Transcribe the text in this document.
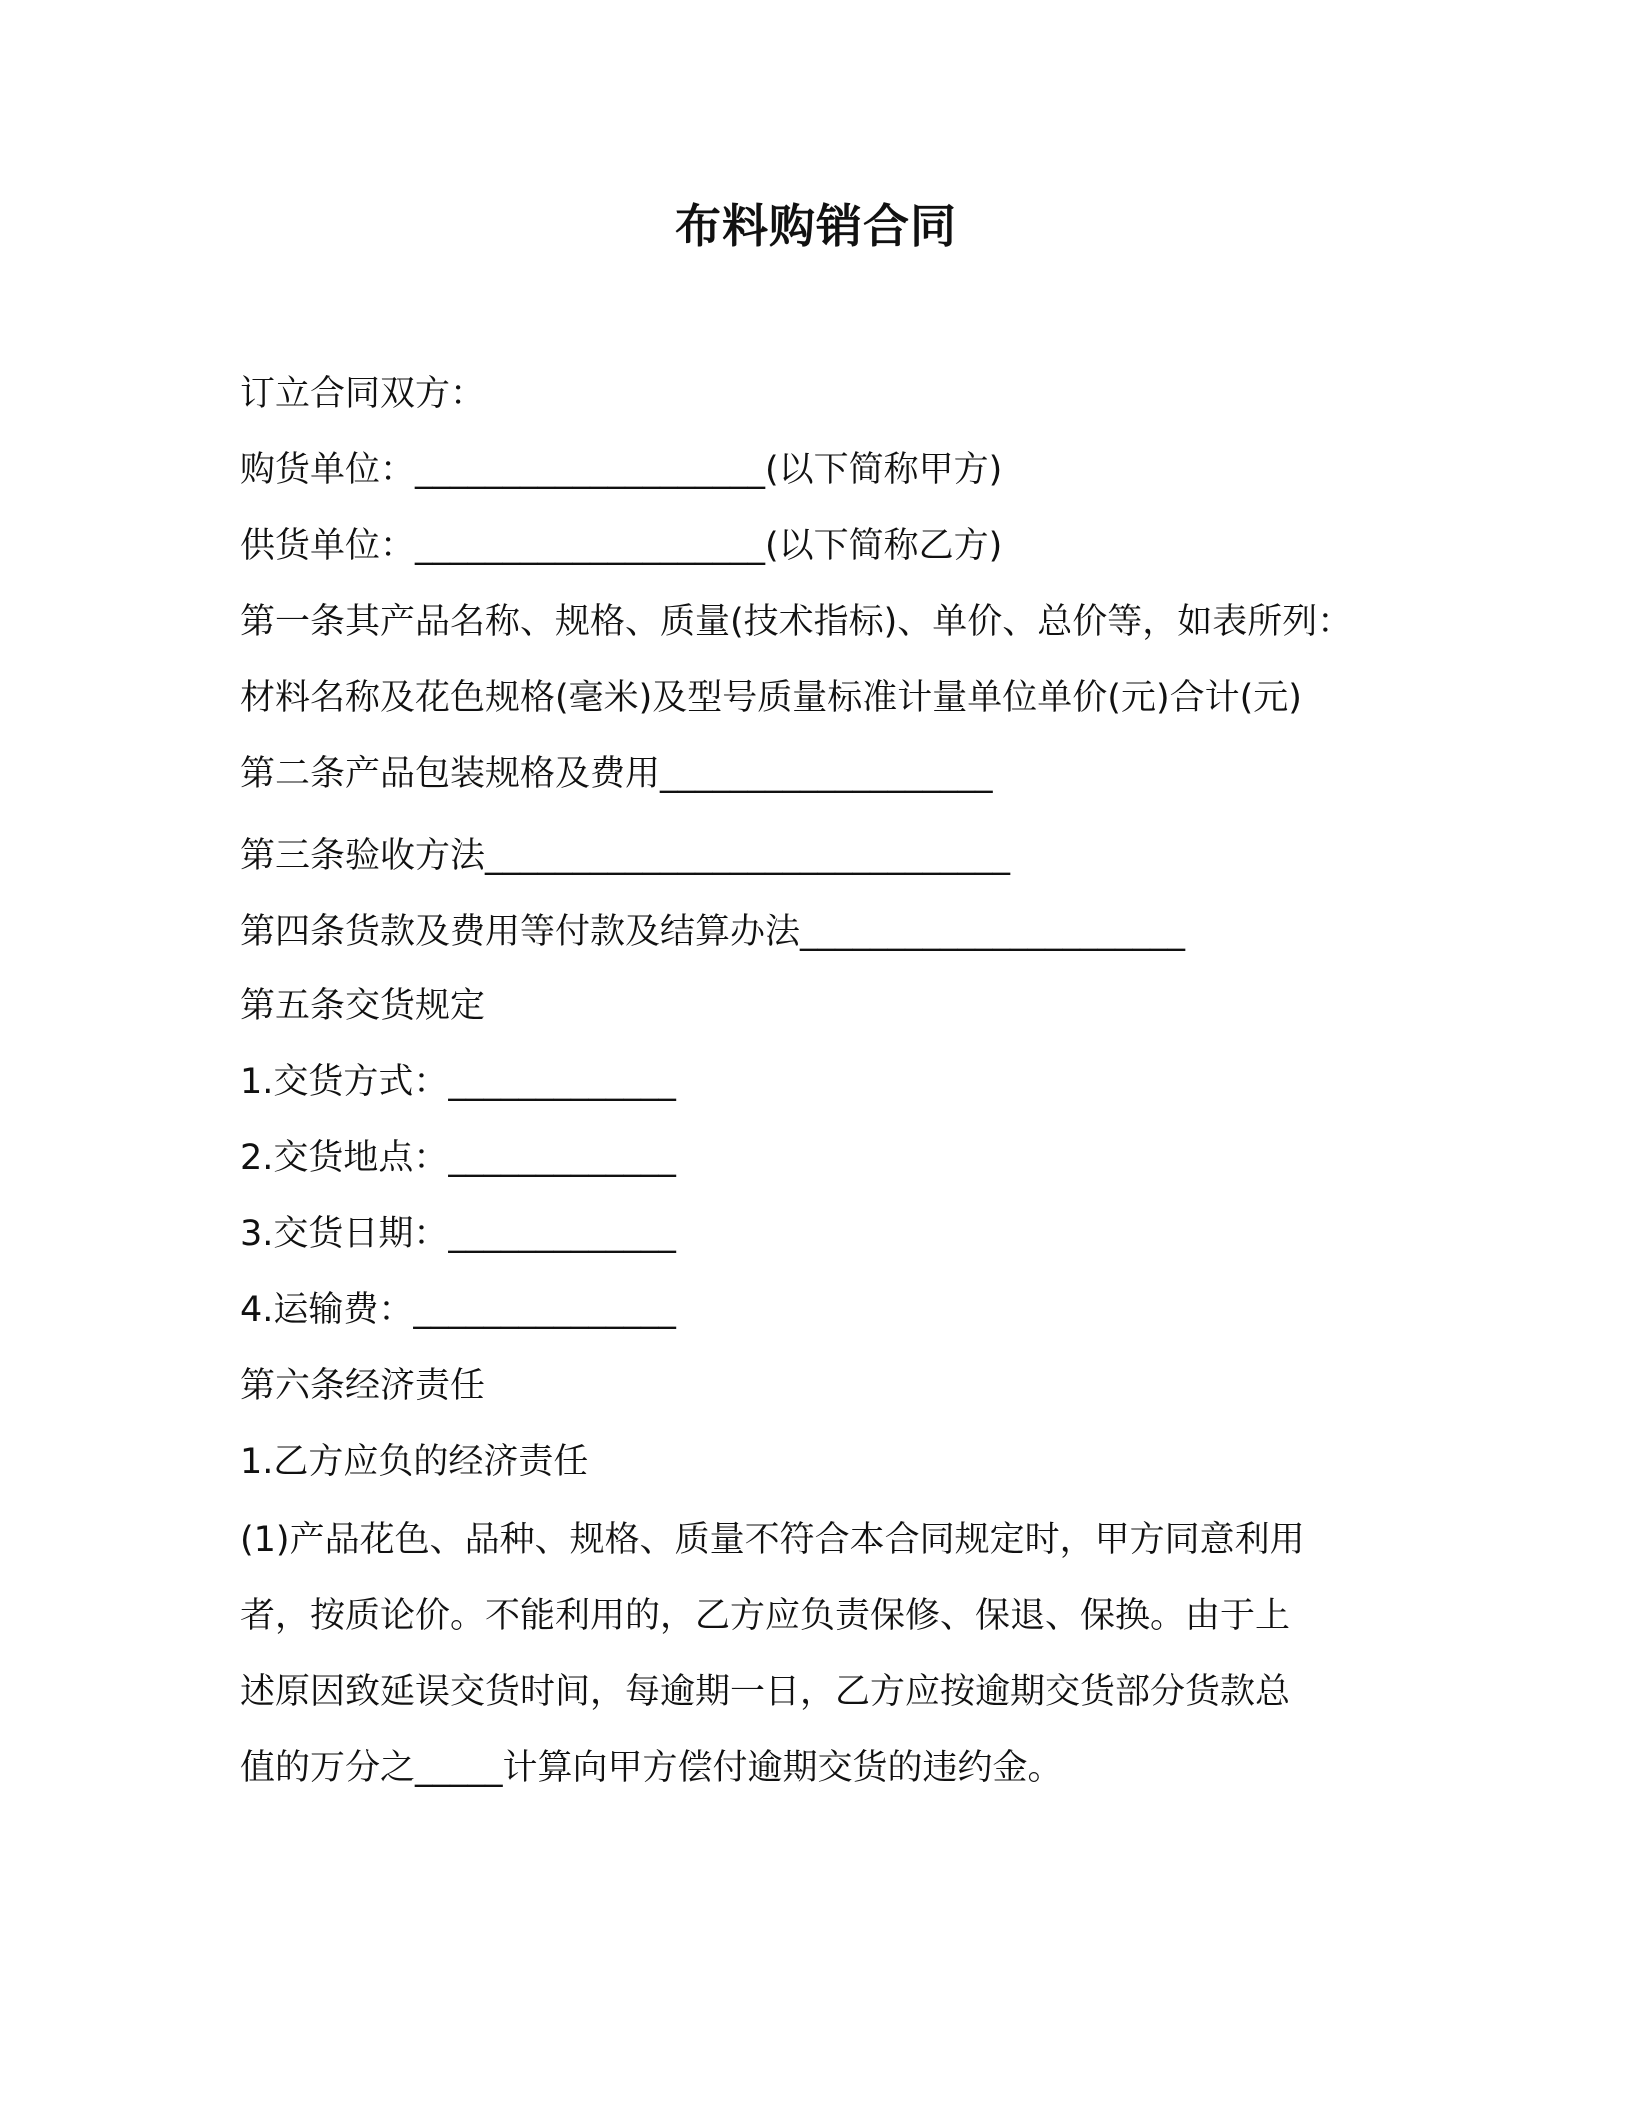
布料购销合同
订立合同双方：
购货单位：____________________(以下简称甲方)
供货单位：____________________(以下简称乙方)
第一条其产品名称、规格、质量(技术指标)、单价、总价等，如表所列：
材料名称及花色规格(毫米)及型号质量标准计量单位单价(元)合计(元)
第二条产品包装规格及费用___________________
第三条验收方法______________________________
第四条货款及费用等付款及结算办法______________________
第五条交货规定
1.交货方式：_____________
2.交货地点：_____________
3.交货日期：_____________
4.运输费：_______________
第六条经济责任
1.乙方应负的经济责任
(1)产品花色、品种、规格、质量不符合本合同规定时，甲方同意利用
者，按质论价。不能利用的，乙方应负责保修、保退、保换。由于上
述原因致延误交货时间，每逾期一日，乙方应按逾期交货部分货款总
值的万分之_____计算向甲方偿付逾期交货的违约金。
